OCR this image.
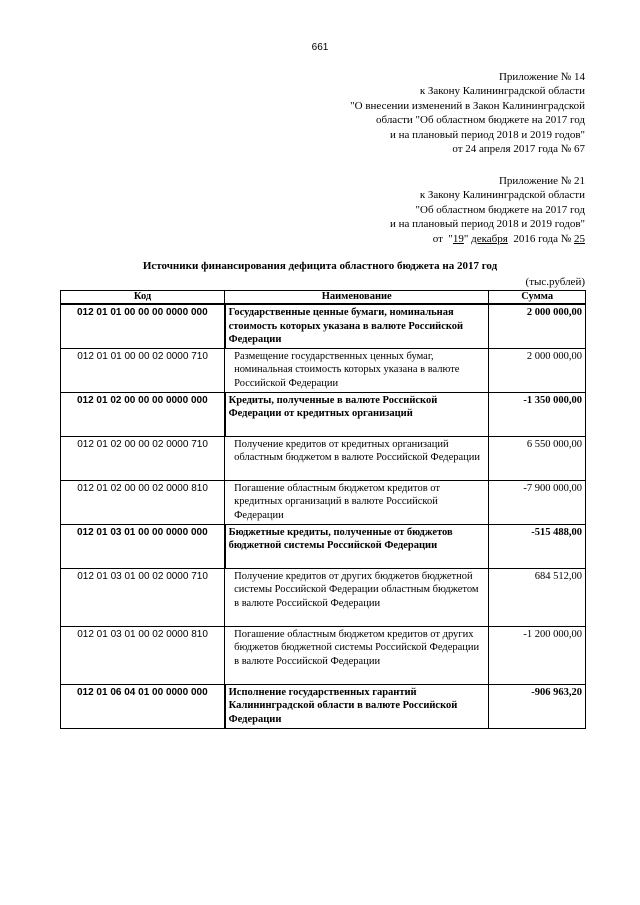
661
Приложение № 14
к Закону Калининградской области
"О внесении изменений в Закон Калининградской
области "Об областном бюджете на 2017 год
и на плановый период 2018 и 2019 годов"
от 24 апреля 2017 года № 67
Приложение № 21
к Закону Калининградской области
"Об областном бюджете на 2017 год
и на плановый период 2018 и 2019 годов"
от  "19" декабря  2016 года № 25
Источники финансирования дефицита областного бюджета на 2017 год
(тыс.рублей)
Код	Наименование	Сумма
012 01 01 00 00 00 0000 000	Государственные ценные бумаги, номинальная стоимость которых указана в валюте Российской Федерации	2 000 000,00
012 01 01 00 00 02 0000 710	Размещение государственных ценных бумаг, номинальная стоимость которых указана в валюте Российской Федерации	2 000 000,00
012 01 02 00 00 00 0000 000	Кредиты, полученные в валюте Российской Федерации от кредитных организаций	-1 350 000,00
012 01 02 00 00 02 0000 710	Получение кредитов от кредитных организаций областным бюджетом в валюте Российской Федерации	6 550 000,00
012 01 02 00 00 02 0000 810	Погашение областным бюджетом кредитов от кредитных организаций в валюте Российской Федерации	-7 900 000,00
012 01 03 01 00 00 0000 000	Бюджетные кредиты, полученные от бюджетов бюджетной системы Российской Федерации	-515 488,00
012 01 03 01 00 02 0000 710	Получение кредитов от других бюджетов бюджетной системы Российской Федерации областным бюджетом в валюте Российской Федерации	684 512,00
012 01 03 01 00 02 0000 810	Погашение областным бюджетом кредитов от других бюджетов бюджетной системы Российской Федерации в валюте Российской Федерации	-1 200 000,00
012 01 06 04 01 00 0000 000	Исполнение государственных гарантий Калининградской области в валюте Российской Федерации	-906 963,20
